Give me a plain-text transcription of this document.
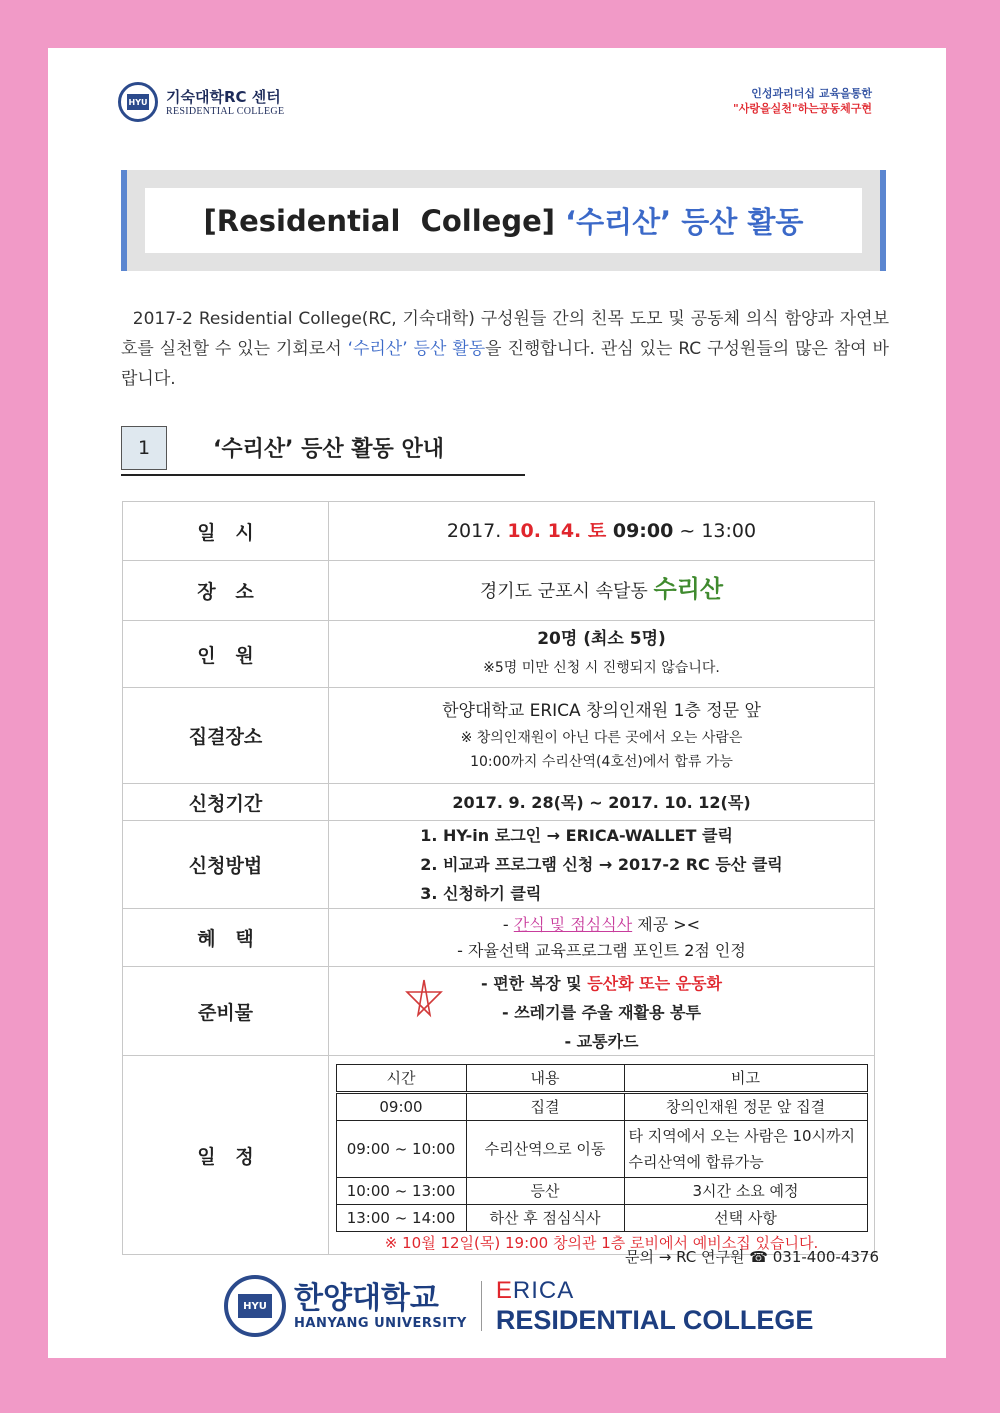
HYU 기숙대학RC 센터
RESIDENTIAL COLLEGE
인성과리더십 교육을통한
"사랑을실천"하는공동체구현
[Residential  College] ‘수리산’ 등산 활동
2017-2 Residential College(RC, 기숙대학) 구성원들 간의 친목 도모 및 공동체 의식 함양과 자연보호를 실천할 수 있는 기회로서 ‘수리산’ 등산 활동을 진행합니다. 관심 있는 RC 구성원들의 많은 참여 바랍니다.
1	‘수리산’ 등산 활동 안내
일   시	2017. 10. 14. 토 09:00 ~ 13:00
장   소	경기도 군포시 속달동 수리산
인   원	
20명 (최소 5명)
※5명 미만 신청 시 진행되지 않습니다.

집결장소	
한양대학교 ERICA 창의인재원 1층 정문 앞
※ 창의인재원이 아닌 다른 곳에서 오는 사람은
10:00까지 수리산역(4호선)에서 합류 가능

신청기간	2017. 9. 28(목) ~ 2017. 10. 12(목)
신청방법	
1. HY-in 로그인 → ERICA-WALLET 클릭
2. 비교과 프로그램 신청 → 2017-2 RC 등산 클릭
3. 신청하기 클릭

혜   택	
- 간식 및 점심식사 제공 ><
- 자율선택 교육프로그램 포인트 2점 인정

준비물	
- 편한 복장 및 등산화 또는 운동화
- 쓰레기를 주울 재활용 봉투
- 교통카드

일   정	
시간	내용	비고
09:00	집결	창의인재원 정문 앞 집결
09:00 ~ 10:00	수리산역으로 이동	타 지역에서 오는 사람은 10시까지 수리산역에 합류가능
10:00 ~ 13:00	등산	3시간 소요 예정
13:00 ~ 14:00	하산 후 점심식사	선택 사항
※ 10월 12일(목) 19:00 창의관 1층 로비에서 예비소집 있습니다.
문의 → RC 연구원 ☎ 031-400-4376
HYU 한양대학교
HANYANG UNIVERSITY
ERICA
RESIDENTIAL COLLEGE
